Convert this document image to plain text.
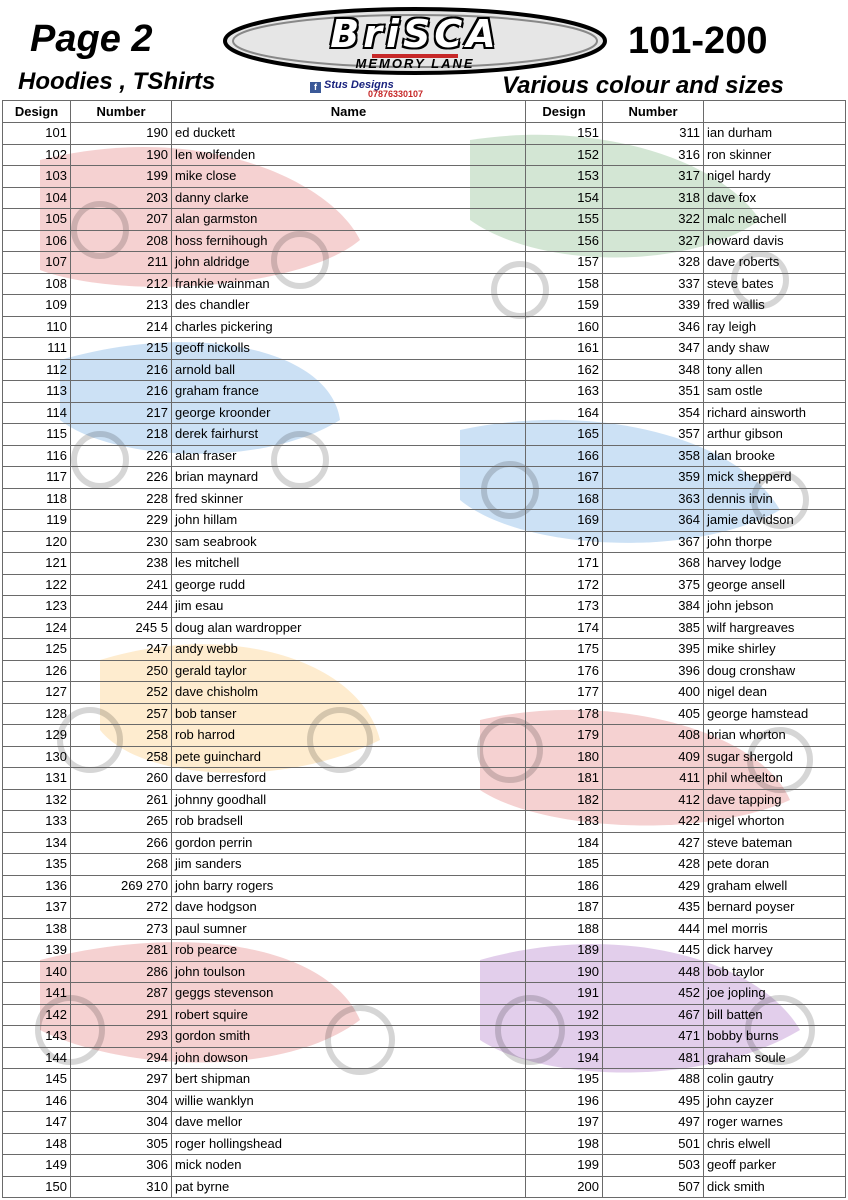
Page 2	BriSCA
MEMORY LANE
101-200
Hoodies , TShirts	f Stus Designs
07876330107	Various colour and sizes
Design	Number	Name	Design	Number	
101	190	ed duckett	151	311	ian durham
102	190	len wolfenden	152	316	ron skinner
103	199	mike close	153	317	nigel hardy
104	203	danny clarke	154	318	dave fox
105	207	alan garmston	155	322	malc neachell
106	208	hoss fernihough	156	327	howard davis
107	211	john aldridge	157	328	dave roberts
108	212	frankie wainman	158	337	steve bates
109	213	des chandler	159	339	fred wallis
110	214	charles pickering	160	346	ray leigh
111	215	geoff nickolls	161	347	andy shaw
112	216	arnold ball	162	348	tony allen
113	216	graham france	163	351	sam ostle
114	217	george kroonder	164	354	richard ainsworth
115	218	derek fairhurst	165	357	arthur gibson
116	226	alan fraser	166	358	alan brooke
117	226	brian maynard	167	359	mick shepperd
118	228	fred skinner	168	363	dennis irvin
119	229	john hillam	169	364	jamie davidson
120	230	sam seabrook	170	367	john thorpe
121	238	les mitchell	171	368	harvey lodge
122	241	george rudd	172	375	george ansell
123	244	jim esau	173	384	john jebson
124	245 5	doug alan wardropper	174	385	wilf hargreaves
125	247	andy webb	175	395	mike shirley
126	250	gerald taylor	176	396	doug cronshaw
127	252	dave chisholm	177	400	nigel dean
128	257	bob tanser	178	405	george hamstead
129	258	rob harrod	179	408	brian whorton
130	258	pete guinchard	180	409	sugar shergold
131	260	dave berresford	181	411	phil wheelton
132	261	johnny goodhall	182	412	dave tapping
133	265	rob bradsell	183	422	nigel whorton
134	266	gordon perrin	184	427	steve bateman
135	268	jim sanders	185	428	pete doran
136	269 270	john barry rogers	186	429	graham elwell
137	272	dave hodgson	187	435	bernard poyser
138	273	paul sumner	188	444	mel morris
139	281	rob pearce	189	445	dick harvey
140	286	john toulson	190	448	bob taylor
141	287	geggs stevenson	191	452	joe jopling
142	291	robert squire	192	467	bill batten
143	293	gordon smith	193	471	bobby burns
144	294	john dowson	194	481	graham soule
145	297	bert shipman	195	488	colin gautry
146	304	willie wanklyn	196	495	john cayzer
147	304	dave mellor	197	497	roger warnes
148	305	roger hollingshead	198	501	chris elwell
149	306	mick noden	199	503	geoff parker
150	310	pat byrne	200	507	dick smith
